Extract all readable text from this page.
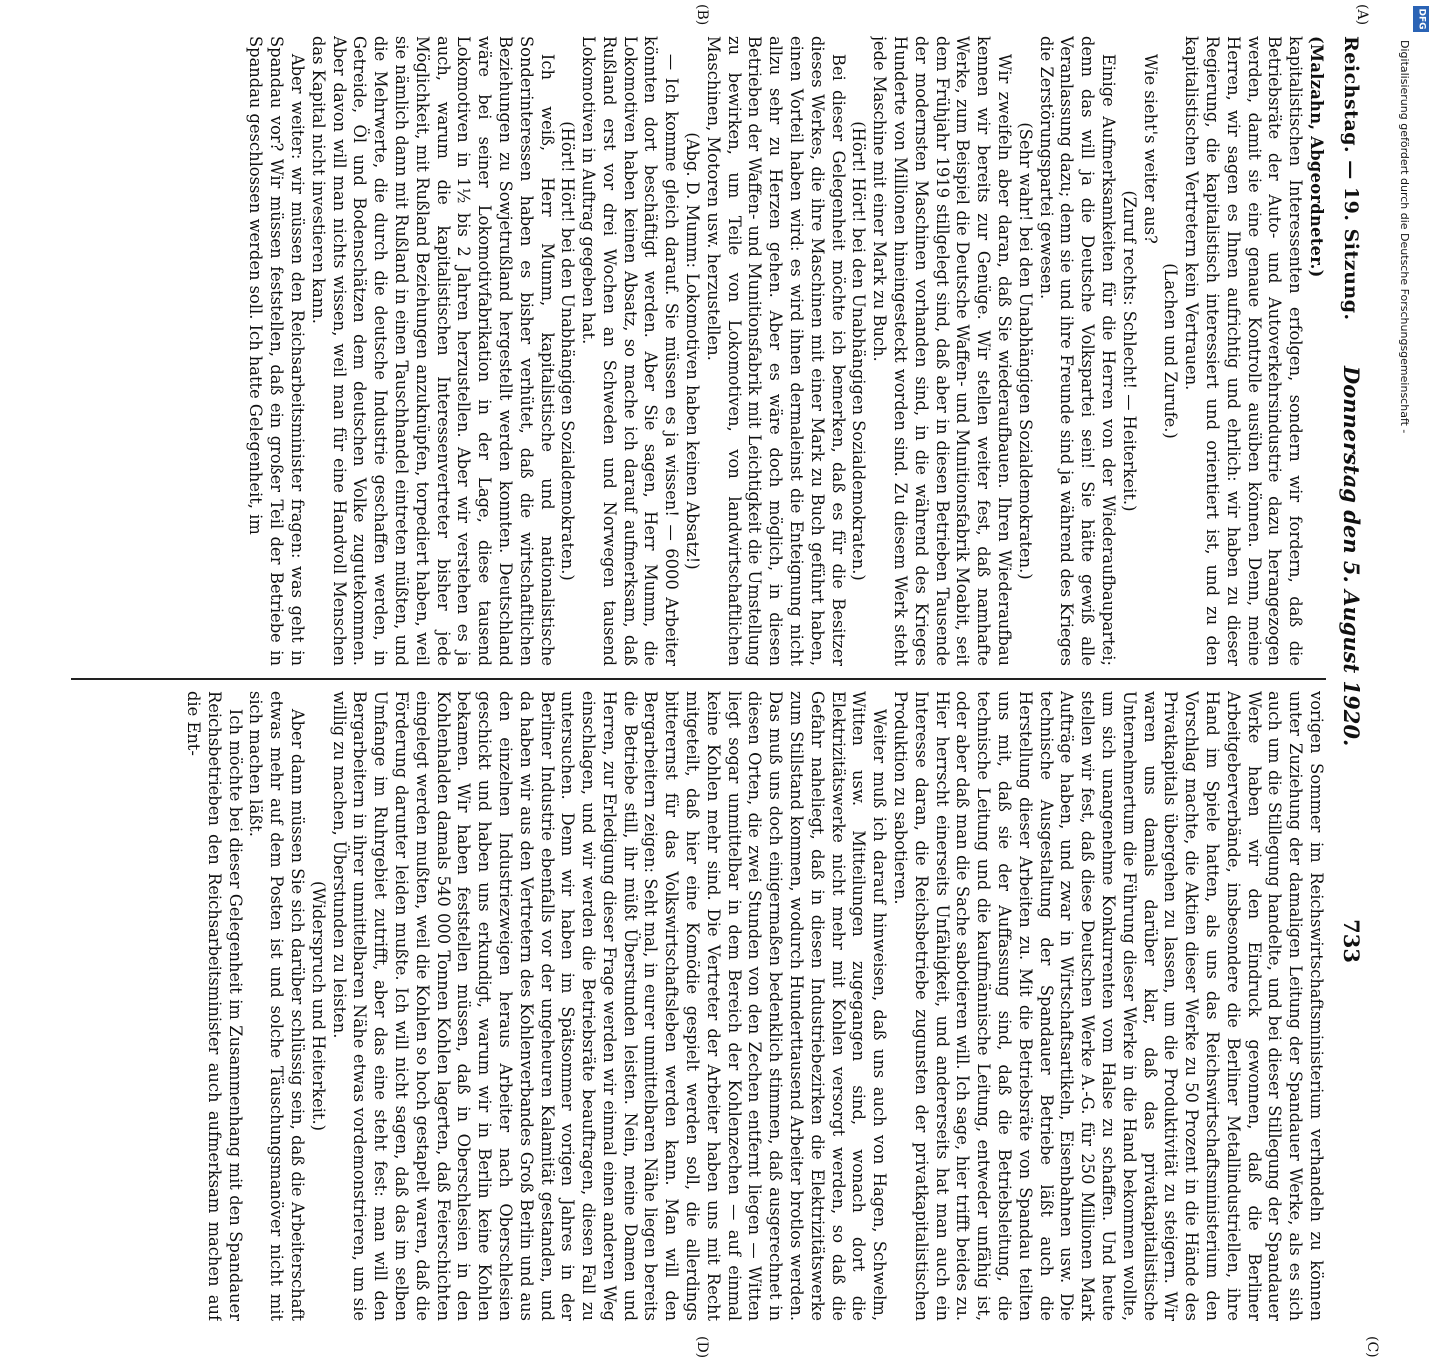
Reichstag. — 19. Sitzung.
Donnerstag den 5. August 1920.
733
(A)
(B)
(C)
(D)

(Malzahn, Abgeordneter.)

kapitalistischen Interessenten erfolgen, sondern wir fordern, daß die Betriebsräte der Auto- und Autoverkehrsindustrie dazu herangezogen werden, damit sie eine genaue Kontrolle ausüben können. Denn, meine Herren, wir sagen es Ihnen aufrichtig und ehrlich: wir haben zu dieser Regierung, die kapitalistisch interessiert und orientiert ist, und zu den kapitalistischen Vertretern kein Vertrauen.

(Lachen und Zurufe.)

Wie sieht's weiter aus?

(Zuruf rechts: Schlecht! — Heiterkeit.)

Einige Aufmerksamkeiten für die Herren von der Wiederaufbaupartei; denn das will ja die Deutsche Volkspartei sein! Sie hätte gewiß alle Veranlassung dazu; denn sie und ihre Freunde sind ja während des Krieges die Zerstörungspartei gewesen.

(Sehr wahr! bei den Unabhängigen Sozialdemokraten.)

Wir zweifeln aber daran, daß Sie wiederaufbauen. Ihren Wiederaufbau kennen wir bereits zur Genüge. Wir stellen weiter fest, daß namhafte Werke, zum Beispiel die Deutsche Waffen- und Munitionsfabrik Moabit, seit dem Frühjahr 1919 stillgelegt sind, daß aber in diesen Betrieben Tausende der modernsten Maschinen vorhanden sind, in die während des Krieges Hunderte von Millionen hineingesteckt worden sind. Zu diesem Werk steht jede Maschine mit einer Mark zu Buch.

(Hört! Hört! bei den Unabhängigen Sozialdemokraten.)

Bei dieser Gelegenheit möchte ich bemerken, daß es für die Besitzer dieses Werkes, die ihre Maschinen mit einer Mark zu Buch geführt haben, einen Vorteil haben wird: es wird ihnen dermaleinst die Enteignung nicht allzu sehr zu Herzen gehen. Aber es wäre doch möglich, in diesen Betrieben der Waffen- und Munitionsfabrik mit Leichtigkeit die Umstellung zu bewirken, um Teile von Lokomotiven, von landwirtschaftlichen Maschinen, Motoren usw. herzustellen.

(Abg. D. Mumm: Lokomotiven haben keinen Absatz!)

— Ich komme gleich darauf. Sie müssen es ja wissen! — 6000 Arbeiter könnten dort beschäftigt werden. Aber Sie sagen, Herr Mumm, die Lokomotiven haben keinen Absatz, so mache ich darauf aufmerksam, daß Rußland erst vor drei Wochen an Schweden und Norwegen tausend Lokomotiven in Auftrag gegeben hat.

(Hört! Hört! bei den Unabhängigen Sozialdemokraten.)

Ich weiß, Herr Mumm, kapitalistische und nationalistische Sonderinteressen haben es bisher verhütet, daß die wirtschaftlichen Beziehungen zu Sowjetrußland hergestellt werden konnten. Deutschland wäre bei seiner Lokomotivfabrikation in der Lage, diese tausend Lokomotiven in 1½ bis 2 Jahren herzustellen. Aber wir verstehen es ja auch, warum die kapitalistischen Interessenvertreter bisher jede Möglichkeit, mit Rußland Beziehungen anzuknüpfen, torpediert haben, weil sie nämlich dann mit Rußland in einen Tauschhandel eintreten müßten, und die Mehrwerte, die durch die deutsche Industrie geschaffen werden, in Getreide, Öl und Bodenschätzen dem deutschen Volke zugutekommen. Aber davon will man nichts wissen, weil man für eine Handvoll Menschen das Kapital nicht investieren kann.

Aber weiter: wir müssen den Reichsarbeitsminister fragen: was geht in Spandau vor? Wir müssen feststellen, daß ein großer Teil der Betriebe in Spandau geschlossen werden soll. Ich hatte Gelegenheit, im

vorigen Sommer im Reichswirtschaftsministerium verhandeln zu können unter Zuziehung der damaligen Leitung der Spandauer Werke, als es sich auch um die Stillegung handelte, und bei dieser Stillegung der Spandauer Werke haben wir den Eindruck gewonnen, daß die Berliner Arbeitgeberverbände, insbesondere die Berliner Metallindustriellen, ihre Hand im Spiele hatten, als uns das Reichswirtschaftsministerium den Vorschlag machte, die Aktien dieser Werke zu 50 Prozent in die Hände des Privatkapitals übergehen zu lassen, um die Produktivität zu steigern. Wir waren uns damals darüber klar, daß das privatkapitalistische Unternehmertum die Führung dieser Werke in die Hand bekommen wollte, um sich unangenehme Konkurrenten vom Halse zu schaffen. Und heute stellen wir fest, daß diese Deutschen Werke A.-G. für 250 Millionen Mark Aufträge haben, und zwar in Wirtschaftsartikeln, Eisenbahnen usw. Die technische Ausgestaltung der Spandauer Betriebe läßt auch die Herstellung dieser Arbeiten zu. Mit die Betriebsräte von Spandau teilten uns mit, daß sie der Auffassung sind, daß die Betriebsleitung, die technische Leitung und die kaufmännische Leitung, entweder unfähig ist, oder aber daß man die Sache sabotieren will. Ich sage, hier trifft beides zu. Hier herrscht einerseits Unfähigkeit, und andererseits hat man auch ein Interesse daran, die Reichsbetriebe zugunsten der privatkapitalistischen Produktion zu sabotieren.

Weiter muß ich darauf hinweisen, daß uns auch von Hagen, Schwelm, Witten usw. Mitteilungen zugegangen sind, wonach dort die Elektrizitätswerke nicht mehr mit Kohlen versorgt werden, so daß die Gefahr naheliegt, daß in diesen Industriebezirken die Elektrizitätswerke zum Stillstand kommen, wodurch Hunderttausend Arbeiter brotlos werden. Das muß uns doch einigermaßen bedenklich stimmen, daß ausgerechnet in diesen Orten, die zwei Stunden von den Zechen entfernt liegen — Witten liegt sogar unmittelbar in dem Bereich der Kohlenzechen — auf einmal keine Kohlen mehr sind. Die Vertreter der Arbeiter haben uns mit Recht mitgeteilt, daß hier eine Komödie gespielt werden soll, die allerdings bitterernst für das Volkswirtschaftsleben werden kann. Man will den Bergarbeitern zeigen: Seht mal, in eurer unmittelbaren Nähe liegen bereits die Betriebe still, ihr müßt Überstunden leisten. Nein, meine Damen und Herren, zur Erledigung dieser Frage werden wir einmal einen anderen Weg einschlagen, und wir werden die Betriebsräte beauftragen, diesen Fall zu untersuchen. Denn wir haben im Spätsommer vorigen Jahres in der Berliner Industrie ebenfalls vor der ungeheuren Kalamität gestanden, und da haben wir aus den Vertretern des Kohlenverbandes Groß Berlin und aus den einzelnen Industriezweigen heraus Arbeiter nach Oberschlesien geschickt und haben uns erkundigt, warum wir in Berlin keine Kohlen bekamen. Wir haben feststellen müssen, daß in Oberschlesien in den Kohlenhalden damals 540 000 Tonnen Kohlen lagerten, daß Feierschichten eingelegt werden mußten, weil die Kohlen so hoch gestapelt waren, daß die Förderung darunter leiden mußte. Ich will nicht sagen, daß das im selben Umfange im Ruhrgebiet zutrifft, aber das eine steht fest: man will den Bergarbeitern in ihrer unmittelbaren Nähe etwas vordemonstrieren, um sie willig zu machen, Überstunden zu leisten.

(Widerspruch und Heiterkeit.)

Aber dann müssen Sie sich darüber schlüssig sein, daß die Arbeiterschaft etwas mehr auf dem Posten ist und solche Täuschungsmanöver nicht mit sich machen läßt.

Ich möchte bei dieser Gelegenheit im Zusammenhang mit den Spandauer Reichsbetrieben den Reichsarbeitsminister auch aufmerksam machen auf die Ent-

Digitalisierung gefördert durch die Deutsche Forschungsgemeinschaft -
DFG
